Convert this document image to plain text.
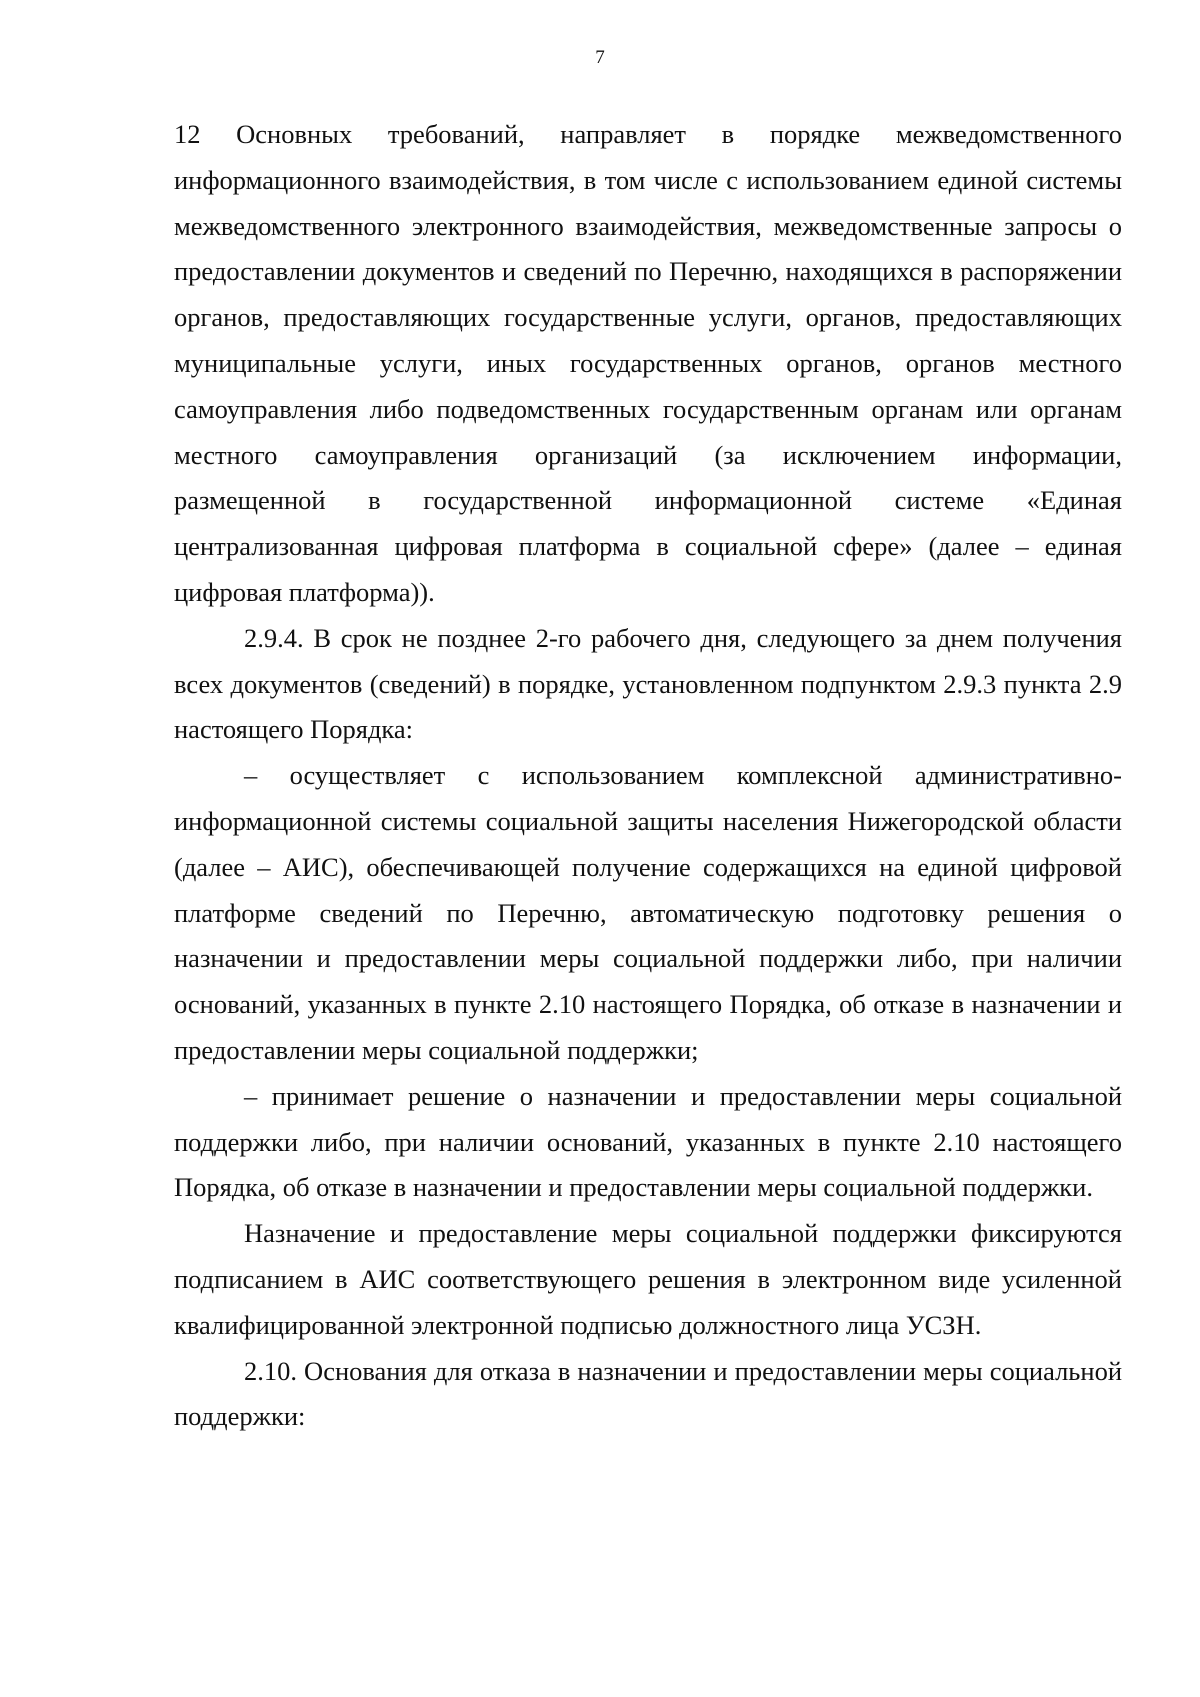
7

12 Основных требований, направляет в порядке межведомственного информационного взаимодействия, в том числе с использованием единой системы межведомственного электронного взаимодействия, межведомственные запросы о предоставлении документов и сведений по Перечню, находящихся в распоряжении органов, предоставляющих государственные услуги, органов, предоставляющих муниципальные услуги, иных государственных органов, органов местного самоуправления либо подведомственных государственным органам или органам местного самоуправления организаций (за исключением информации, размещенной в государственной информационной системе «Единая централизованная цифровая платформа в социальной сфере» (далее – единая цифровая платформа)).

2.9.4. В срок не позднее 2-го рабочего дня, следующего за днем получения всех документов (сведений) в порядке, установленном подпунктом 2.9.3 пункта 2.9 настоящего Порядка:

– осуществляет с использованием комплексной административно-информационной системы социальной защиты населения Нижегородской области (далее – АИС), обеспечивающей получение содержащихся на единой цифровой платформе сведений по Перечню, автоматическую подготовку решения о назначении и предоставлении меры социальной поддержки либо, при наличии оснований, указанных в пункте 2.10 настоящего Порядка, об отказе в назначении и предоставлении меры социальной поддержки;

– принимает решение о назначении и предоставлении меры социальной поддержки либо, при наличии оснований, указанных в пункте 2.10 настоящего Порядка, об отказе в назначении и предоставлении меры социальной поддержки.

Назначение и предоставление меры социальной поддержки фиксируются подписанием в АИС соответствующего решения в электронном виде усиленной квалифицированной электронной подписью должностного лица УСЗН.

2.10. Основания для отказа в назначении и предоставлении меры социальной поддержки:
